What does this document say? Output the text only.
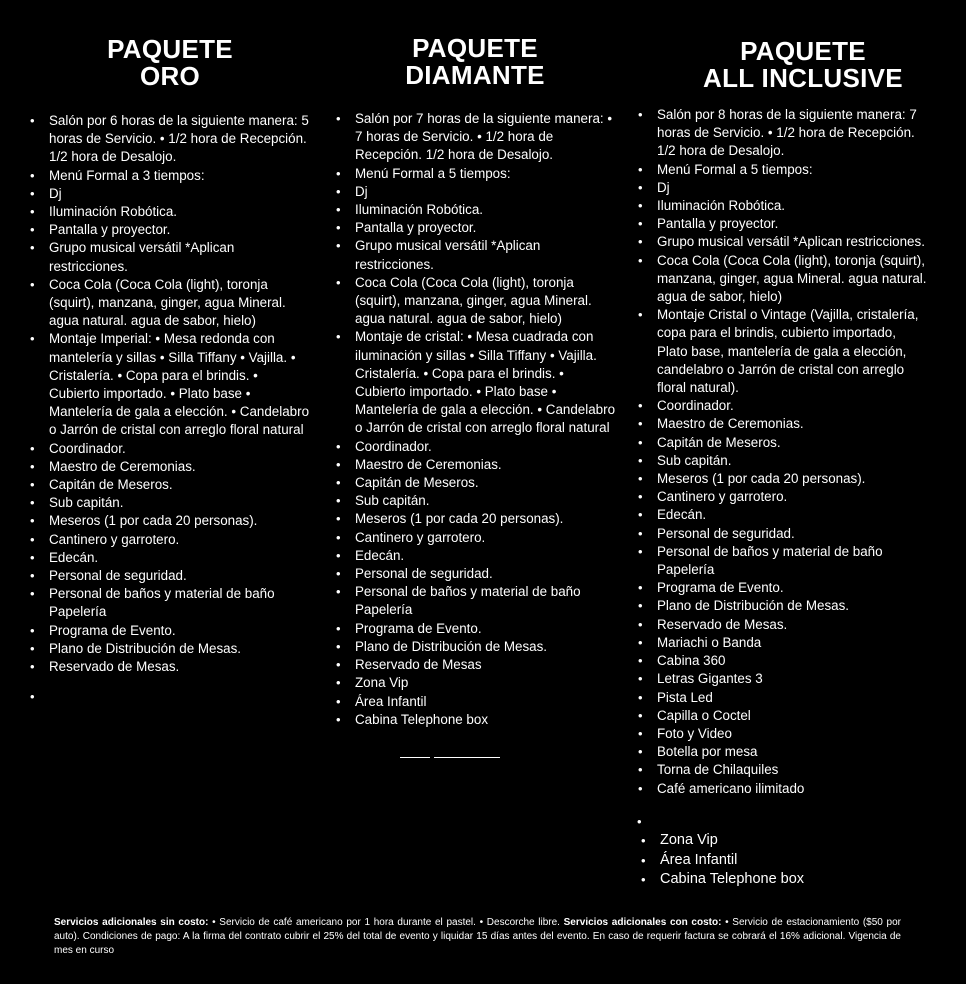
PAQUETE
ORO
• Salón por 6 horas de la siguiente manera: 5 horas de Servicio. • 1/2 hora de Recepción. 1/2 hora de Desalojo.
• Menú Formal a 3 tiempos:
• Dj
• Iluminación Robótica.
• Pantalla y proyector.
• Grupo musical versátil *Aplican restricciones.
• Coca Cola (Coca Cola (light), toronja (squirt), manzana, ginger, agua Mineral. agua natural. agua de sabor, hielo)
• Montaje Imperial: • Mesa redonda con mantelería y sillas • Silla Tiffany • Vajilla. • Cristalería. • Copa para el brindis. • Cubierto importado. • Plato base • Mantelería de gala a elección. • Candelabro o Jarrón de cristal con arreglo floral natural
• Coordinador.
• Maestro de Ceremonias.
• Capitán de Meseros.
• Sub capitán.
• Meseros (1 por cada 20 personas).
• Cantinero y garrotero.
• Edecán.
• Personal de seguridad.
• Personal de baños y material de baño Papelería
• Programa de Evento.
• Plano de Distribución de Mesas.
• Reservado de Mesas.
•
PAQUETE
DIAMANTE
• Salón por 7 horas de la siguiente manera: • 7 horas de Servicio. • 1/2 hora de Recepción. 1/2 hora de Desalojo.
• Menú Formal a 5 tiempos:
• Dj
• Iluminación Robótica.
• Pantalla y proyector.
• Grupo musical versátil *Aplican restricciones.
• Coca Cola (Coca Cola (light), toronja (squirt), manzana, ginger, agua Mineral. agua natural. agua de sabor, hielo)
• Montaje de cristal: • Mesa cuadrada con iluminación y sillas • Silla Tiffany • Vajilla. Cristalería. • Copa para el brindis. • Cubierto importado. • Plato base • Mantelería de gala a elección. • Candelabro o Jarrón de cristal con arreglo floral natural
• Coordinador.
• Maestro de Ceremonias.
• Capitán de Meseros.
• Sub capitán.
• Meseros (1 por cada 20 personas).
• Cantinero y garrotero.
• Edecán.
• Personal de seguridad.
• Personal de baños y material de baño Papelería
• Programa de Evento.
• Plano de Distribución de Mesas.
• Reservado de Mesas
• Zona Vip
• Área Infantil
• Cabina Telephone box
PAQUETE
ALL INCLUSIVE
• Salón por 8 horas de la siguiente manera: 7 horas de Servicio. • 1/2 hora de Recepción. 1/2 hora de Desalojo.
• Menú Formal a 5 tiempos:
• Dj
• Iluminación Robótica.
• Pantalla y proyector.
• Grupo musical versátil *Aplican restricciones.
• Coca Cola (Coca Cola (light), toronja (squirt), manzana, ginger, agua Mineral. agua natural. agua de sabor, hielo)
• Montaje Cristal o Vintage (Vajilla, cristalería, copa para el brindis, cubierto importado, Plato base, mantelería de gala a elección, candelabro o Jarrón de cristal con arreglo floral natural).
• Coordinador.
• Maestro de Ceremonias.
• Capitán de Meseros.
• Sub capitán.
• Meseros (1 por cada 20 personas).
• Cantinero y garrotero.
• Edecán.
• Personal de seguridad.
• Personal de baños y material de baño Papelería
• Programa de Evento.
• Plano de Distribución de Mesas.
• Reservado de Mesas.
• Mariachi o Banda
• Cabina 360
• Letras Gigantes 3
• Pista Led
• Capilla o Coctel
• Foto y Video
• Botella por mesa
• Torna de Chilaquiles
• Café americano ilimitado
•
• Zona Vip
• Área Infantil
• Cabina Telephone box
Servicios adicionales sin costo: • Servicio de café americano por 1 hora durante el pastel. • Descorche libre. Servicios adicionales con costo: • Servicio de estacionamiento ($50 por auto). Condiciones de pago: A la firma del contrato cubrir el 25% del total de evento y liquidar 15 días antes del evento. En caso de requerir factura se cobrará el 16% adicional. Vigencia de mes en curso
